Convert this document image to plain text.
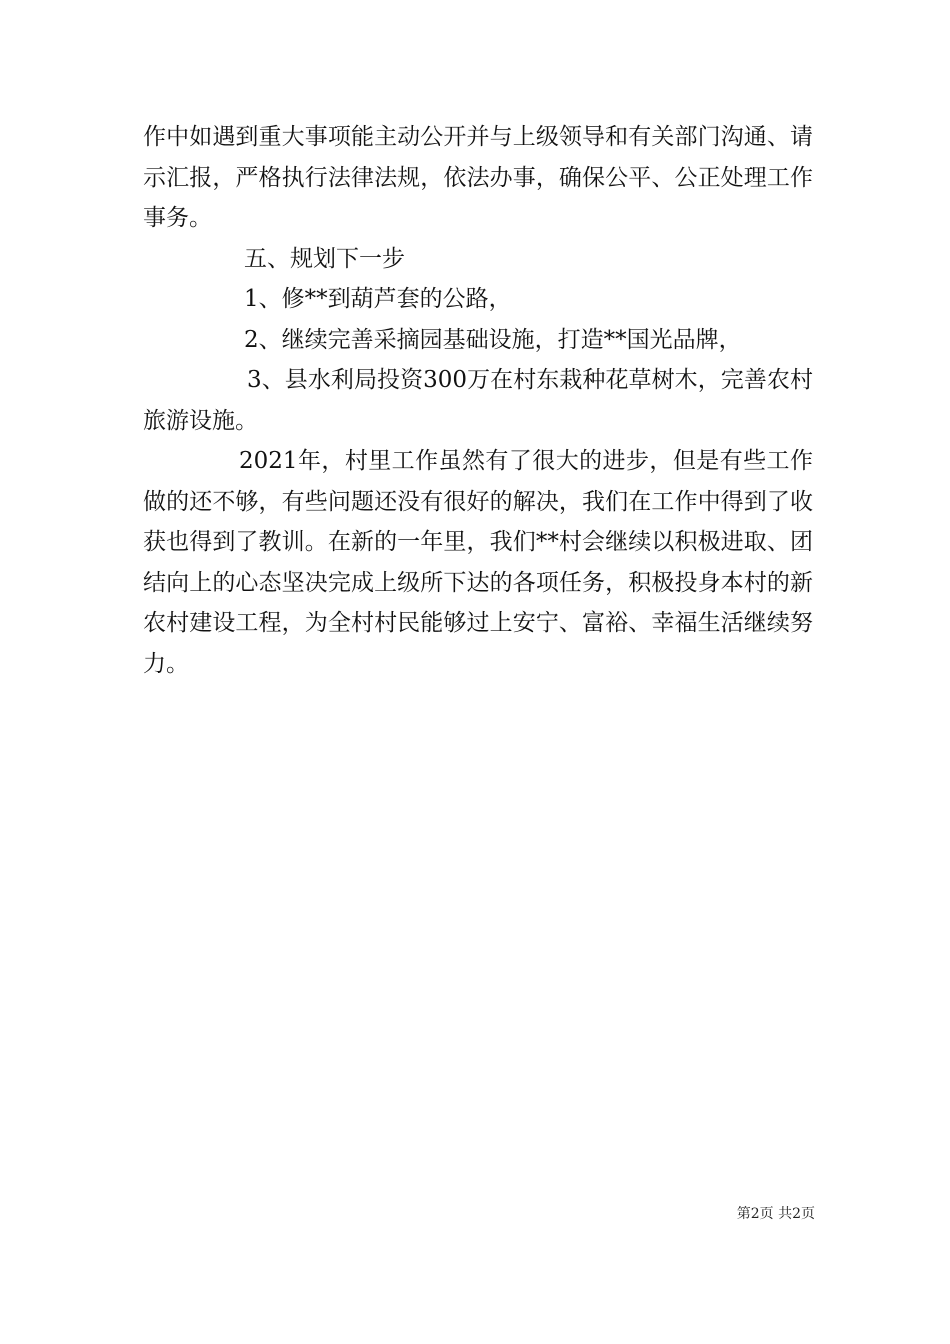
作中如遇到重大事项能主动公开并与上级领导和有关部门沟通、请示汇报，严格执行法律法规，依法办事，确保公平、公正处理工作事务。

五、规划下一步

1、修**到葫芦套的公路，

2、继续完善采摘园基础设施，打造**国光品牌，

3、县水利局投资300万在村东栽种花草树木，完善农村旅游设施。

2021年，村里工作虽然有了很大的进步，但是有些工作做的还不够，有些问题还没有很好的解决，我们在工作中得到了收获也得到了教训。在新的一年里，我们**村会继续以积极进取、团结向上的心态坚决完成上级所下达的各项任务，积极投身本村的新农村建设工程，为全村村民能够过上安宁、富裕、幸福生活继续努力。

第2页 共2页
